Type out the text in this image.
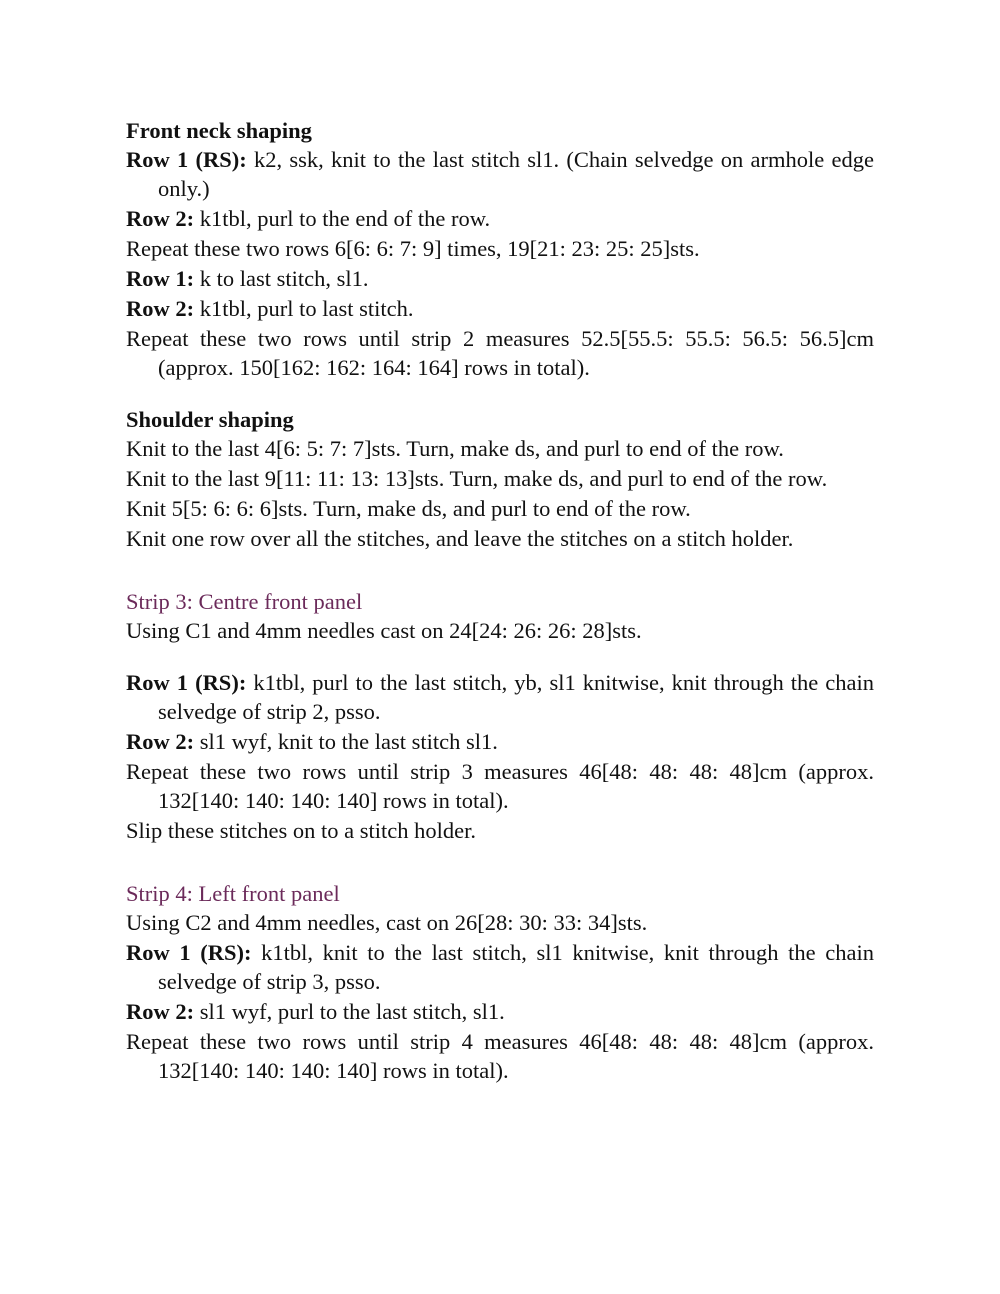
Front neck shaping

Row 1 (RS): k2, ssk, knit to the last stitch sl1. (Chain selvedge on armhole edge only.)

Row 2: k1tbl, purl to the end of the row.

Repeat these two rows 6[6: 6: 7: 9] times, 19[21: 23: 25: 25]sts.

Row 1: k to last stitch, sl1.

Row 2: k1tbl, purl to last stitch.

Repeat these two rows until strip 2 measures 52.5[55.5: 55.5: 56.5: 56.5]cm (approx. 150[162: 162: 164: 164] rows in total).

Shoulder shaping

Knit to the last 4[6: 5: 7: 7]sts. Turn, make ds, and purl to end of the row.

Knit to the last 9[11: 11: 13: 13]sts. Turn, make ds, and purl to end of the row.

Knit 5[5: 6: 6: 6]sts. Turn, make ds, and purl to end of the row.

Knit one row over all the stitches, and leave the stitches on a stitch holder.

Strip 3: Centre front panel

Using C1 and 4mm needles cast on 24[24: 26: 26: 28]sts.

Row 1 (RS): k1tbl, purl to the last stitch, yb, sl1 knitwise, knit through the chain selvedge of strip 2, psso.

Row 2: sl1 wyf, knit to the last stitch sl1.

Repeat these two rows until strip 3 measures 46[48: 48: 48: 48]cm (approx. 132[140: 140: 140: 140] rows in total).

Slip these stitches on to a stitch holder.

Strip 4: Left front panel

Using C2 and 4mm needles, cast on 26[28: 30: 33: 34]sts.

Row 1 (RS): k1tbl, knit to the last stitch, sl1 knitwise, knit through the chain selvedge of strip 3, psso.

Row 2: sl1 wyf, purl to the last stitch, sl1.

Repeat these two rows until strip 4 measures 46[48: 48: 48: 48]cm (approx. 132[140: 140: 140: 140] rows in total).
